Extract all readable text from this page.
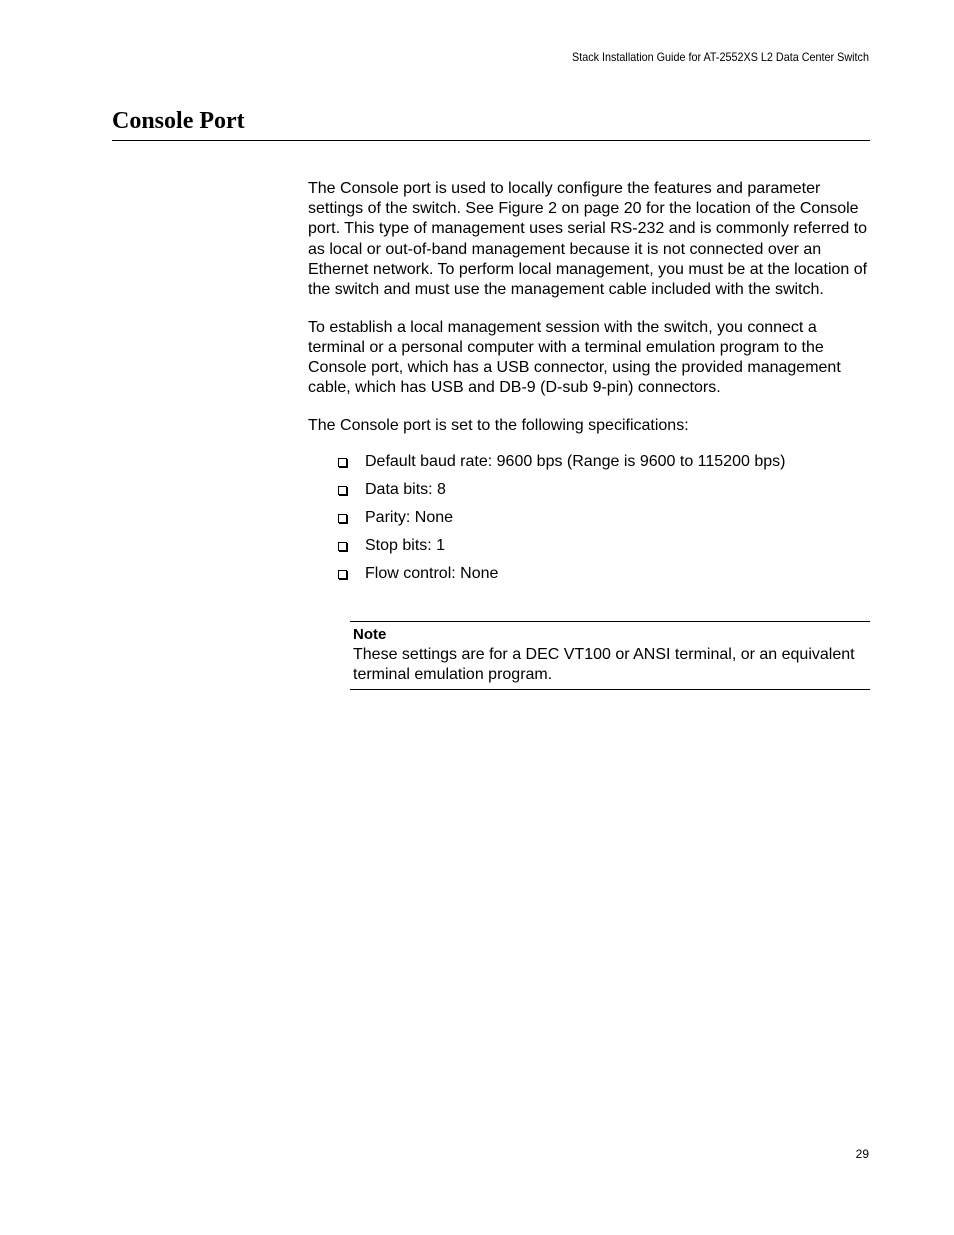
Stack Installation Guide for AT-2552XS L2 Data Center Switch
Console Port

The Console port is used to locally configure the features and parameter settings of the switch. See Figure 2 on page 20 for the location of the Console port. This type of management uses serial RS-232 and is commonly referred to as local or out-of-band management because it is not connected over an Ethernet network. To perform local management, you must be at the location of the switch and must use the management cable included with the switch.

To establish a local management session with the switch, you connect a terminal or a personal computer with a terminal emulation program to the Console port, which has a USB connector, using the provided management cable, which has USB and DB-9 (D-sub 9-pin) connectors.

The Console port is set to the following specifications:

Default baud rate: 9600 bps (Range is 9600 to 115200 bps)
Data bits: 8
Parity: None
Stop bits: 1
Flow control: None
Note
These settings are for a DEC VT100 or ANSI terminal, or an equivalent terminal emulation program.
29
